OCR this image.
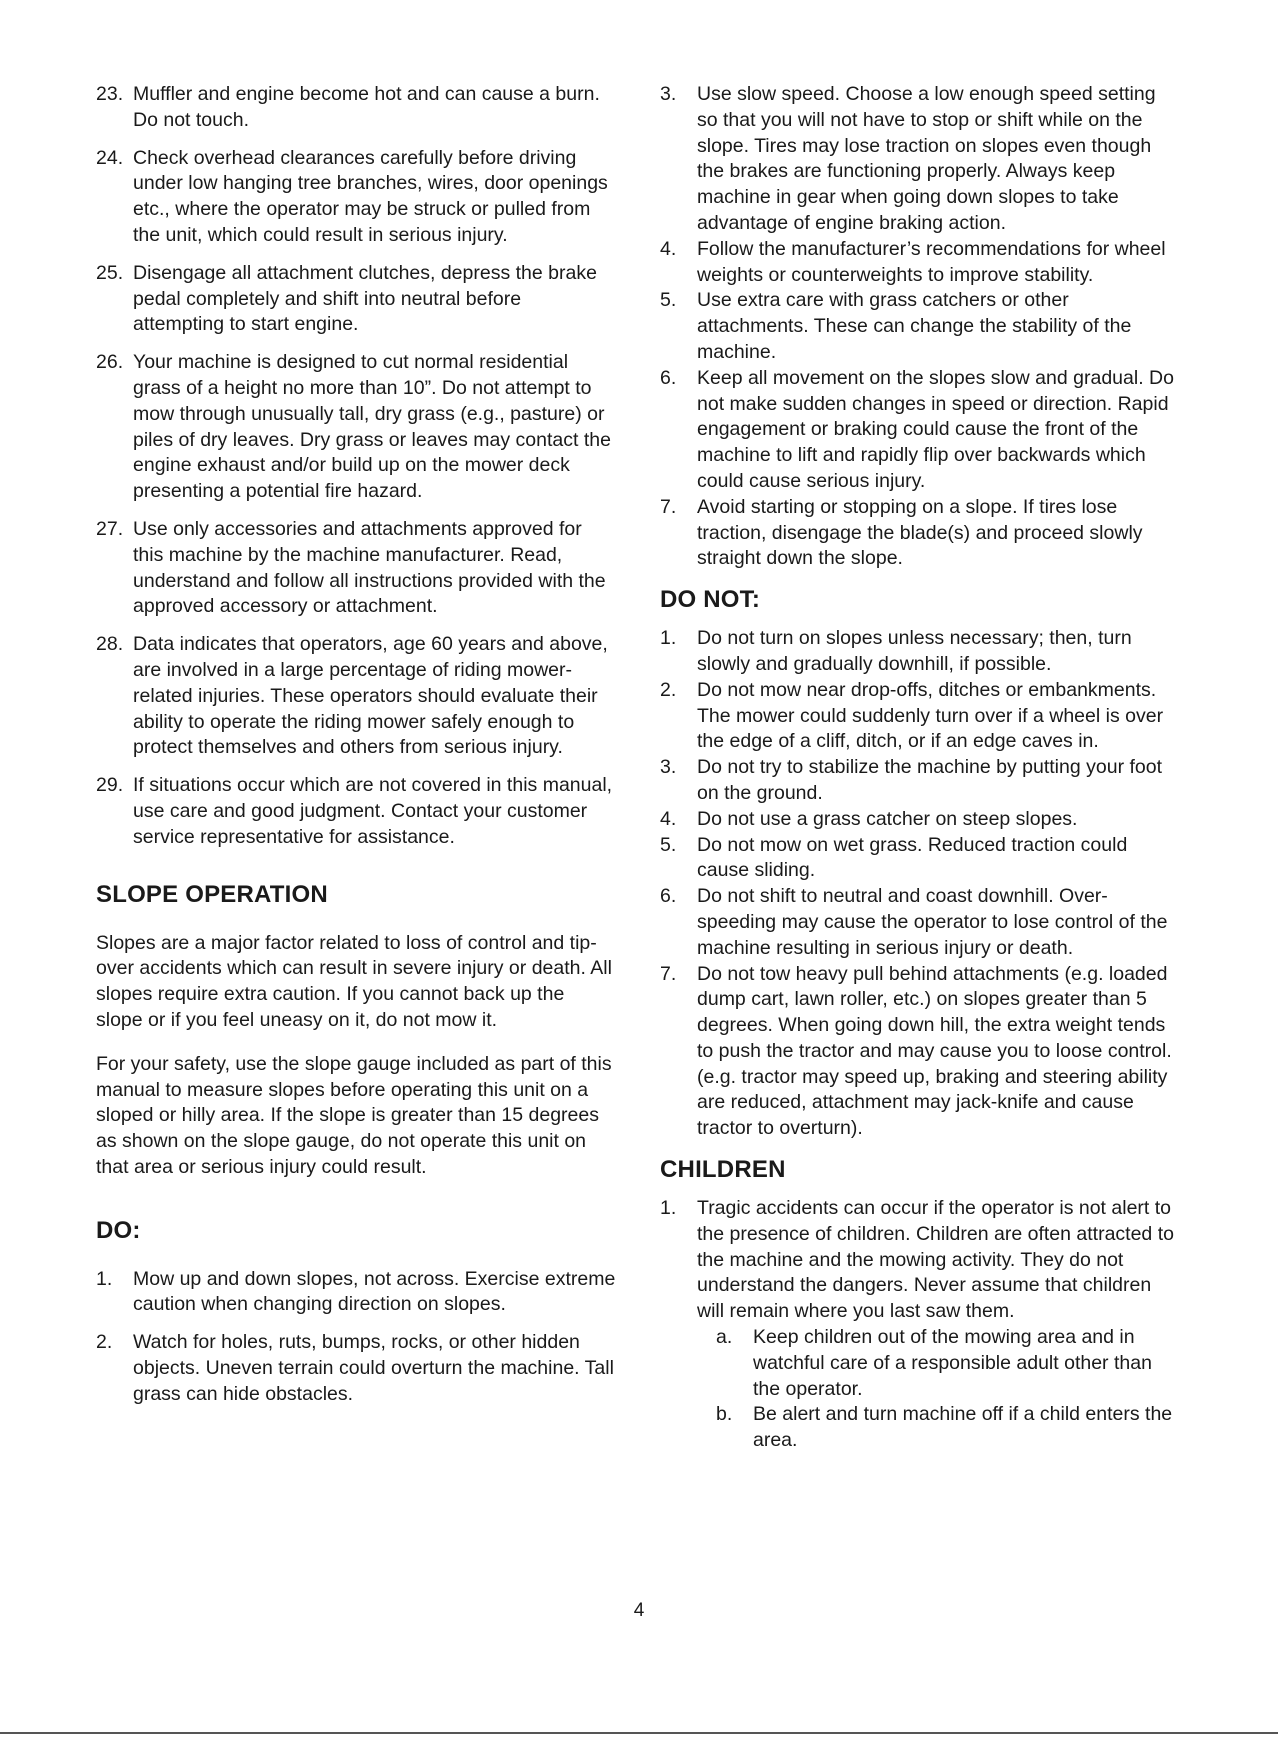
23. Muffler and engine become hot and can cause a burn. Do not touch.
24. Check overhead clearances carefully before driving under low hanging tree branches, wires, door openings etc., where the operator may be struck or pulled from the unit, which could result in serious injury.
25. Disengage all attachment clutches, depress the brake pedal completely and shift into neutral before attempting to start engine.
26. Your machine is designed to cut normal residential grass of a height no more than 10”. Do not attempt to mow through unusually tall, dry grass (e.g., pasture) or piles of dry leaves. Dry grass or leaves may contact the engine exhaust and/or build up on the mower deck presenting a potential fire hazard.
27. Use only accessories and attachments approved for this machine by the machine manufacturer. Read, understand and follow all instructions provided with the approved accessory or attachment.
28. Data indicates that operators, age 60 years and above, are involved in a large percentage of riding mower-related injuries. These operators should evaluate their ability to operate the riding mower safely enough to protect themselves and others from serious injury.
29. If situations occur which are not covered in this manual, use care and good judgment. Contact your customer service representative for assistance.
SLOPE OPERATION

Slopes are a major factor related to loss of control and tip-over accidents which can result in severe injury or death. All slopes require extra caution. If you cannot back up the slope or if you feel uneasy on it, do not mow it.

For your safety, use the slope gauge included as part of this manual to measure slopes before operating this unit on a sloped or hilly area. If the slope is greater than 15 degrees as shown on the slope gauge, do not operate this unit on that area or serious injury could result.

DO:
1.	Mow up and down slopes, not across. Exercise extreme caution when changing direction on slopes.
2.	Watch for holes, ruts, bumps, rocks, or other hidden objects. Uneven terrain could overturn the machine. Tall grass can hide obstacles.
3.	Use slow speed. Choose a low enough speed setting so that you will not have to stop or shift while on the slope. Tires may lose traction on slopes even though the brakes are functioning properly. Always keep machine in gear when going down slopes to take advantage of engine braking action.
4.	Follow the manufacturer’s recommendations for wheel weights or counterweights to improve stability.
5.	Use extra care with grass catchers or other attachments. These can change the stability of the machine.
6.	Keep all movement on the slopes slow and gradual. Do not make sudden changes in speed or direction. Rapid engagement or braking could cause the front of the machine to lift and rapidly flip over backwards which could cause serious injury.
7.	Avoid starting or stopping on a slope. If tires lose traction, disengage the blade(s) and proceed slowly straight down the slope.
DO NOT:
1.	Do not turn on slopes unless necessary; then, turn slowly and gradually downhill, if possible.
2.	Do not mow near drop-offs, ditches or embankments. The mower could suddenly turn over if a wheel is over the edge of a cliff, ditch, or if an edge caves in.
3.	Do not try to stabilize the machine by putting your foot on the ground.
4.	Do not use a grass catcher on steep slopes.
5.	Do not mow on wet grass. Reduced traction could cause sliding.
6.	Do not shift to neutral and coast downhill. Over-speeding may cause the operator to lose control of the machine resulting in serious injury or death.
7.	Do not tow heavy pull behind attachments (e.g. loaded dump cart, lawn roller, etc.) on slopes greater than 5 degrees. When going down hill, the extra weight tends to push the tractor and may cause you to loose control. (e.g. tractor may speed up, braking and steering ability are reduced, attachment may jack-knife and cause tractor to overturn).
CHILDREN
1.	Tragic accidents can occur if the operator is not alert to the presence of children. Children are often attracted to the machine and the mowing activity. They do not understand the dangers. Never assume that children will remain where you last saw them.
a.	Keep children out of the mowing area and in watchful care of a responsible adult other than the operator.
b.	Be alert and turn machine off if a child enters the area.
4
